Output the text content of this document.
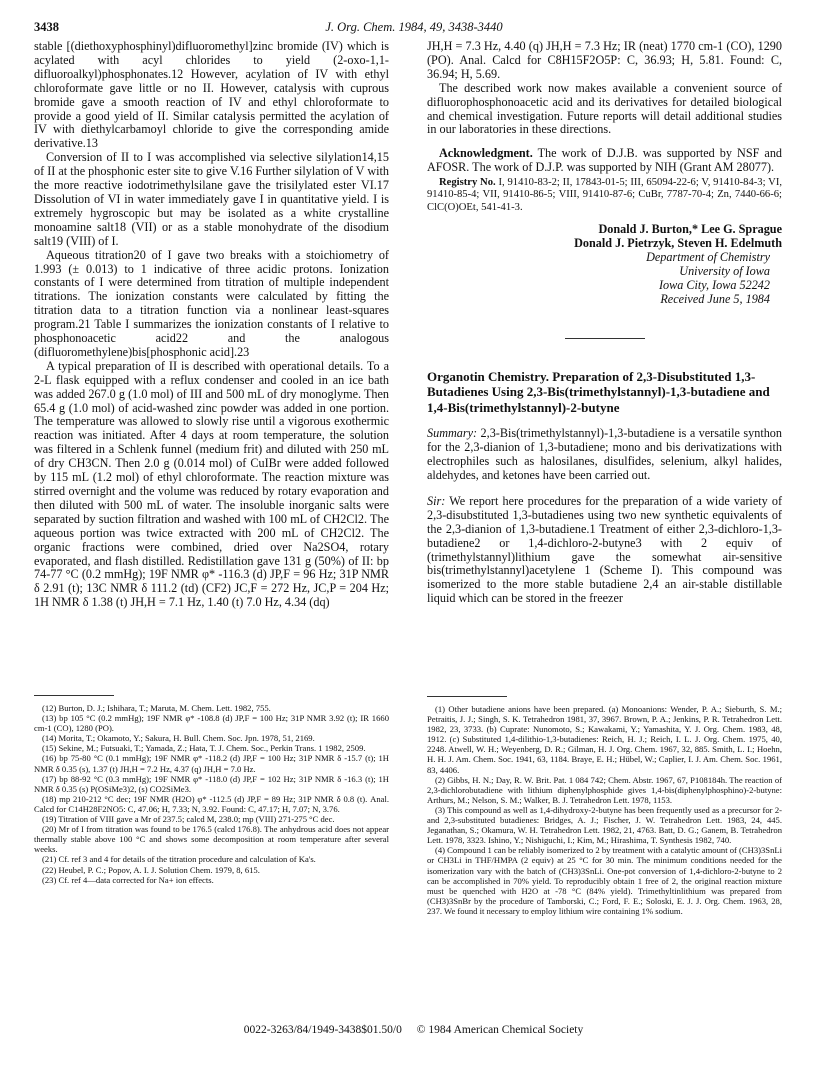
3438	J. Org. Chem. 1984, 49, 3438-3440

stable [(diethoxyphosphinyl)difluoromethyl]zinc bromide (IV) which is acylated with acyl chlorides to yield (2-oxo-1,1-difluoroalkyl)phosphonates.12 However, acylation of IV with ethyl chloroformate gave little or no II. However, catalysis with cuprous bromide gave a smooth reaction of IV and ethyl chloroformate to provide a good yield of II. Similar catalysis permitted the acylation of IV with diethylcarbamoyl chloride to give the corresponding amide derivative.13

Conversion of II to I was accomplished via selective silylation14,15 of II at the phosphonic ester site to give V.16 Further silylation of V with the more reactive iodotrimethylsilane gave the trisilylated ester VI.17 Dissolution of VI in water immediately gave I in quantitative yield. I is extremely hygroscopic but may be isolated as a white crystalline monoamine salt18 (VII) or as a stable monohydrate of the disodium salt19 (VIII) of I.

Aqueous titration20 of I gave two breaks with a stoichiometry of 1.993 (± 0.013) to 1 indicative of three acidic protons. Ionization constants of I were determined from titration of multiple independent titrations. The ionization constants were calculated by fitting the titration data to a titration function via a nonlinear least-squares program.21 Table I summarizes the ionization constants of I relative to phosphonoacetic acid22 and the analogous (difluoromethylene)bis[phosphonic acid].23

A typical preparation of II is described with operational details. To a 2-L flask equipped with a reflux condenser and cooled in an ice bath was added 267.0 g (1.0 mol) of III and 500 mL of dry monoglyme. Then 65.4 g (1.0 mol) of acid-washed zinc powder was added in one portion. The temperature was allowed to slowly rise until a vigorous exothermic reaction was initiated. After 4 days at room temperature, the solution was filtered in a Schlenk funnel (medium frit) and diluted with 250 mL of dry CH3CN. Then 2.0 g (0.014 mol) of CuIBr were added followed by 115 mL (1.2 mol) of ethyl chloroformate. The reaction mixture was stirred overnight and the volume was reduced by rotary evaporation and then diluted with 500 mL of water. The insoluble inorganic salts were separated by suction filtration and washed with 100 mL of CH2Cl2. The aqueous portion was twice extracted with 200 mL of CH2Cl2. The organic fractions were combined, dried over Na2SO4, rotary evaporated, and flash distilled. Redistillation gave 131 g (50%) of II: bp 74-77 °C (0.2 mmHg); 19F NMR φ* -116.3 (d) JP,F = 96 Hz; 31P NMR δ 2.91 (t); 13C NMR δ 111.2 (td) (CF2) JC,F = 272 Hz, JC,P = 204 Hz; 1H NMR δ 1.38 (t) JH,H = 7.1 Hz, 1.40 (t) 7.0 Hz, 4.34 (dq)

(12) Burton, D. J.; Ishihara, T.; Maruta, M. Chem. Lett. 1982, 755.
(13) bp 105 °C (0.2 mmHg); 19F NMR φ* -108.8 (d) JP,F = 100 Hz; 31P NMR 3.92 (t); IR 1660 cm-1 (CO), 1280 (PO).
(14) Morita, T.; Okamoto, Y.; Sakura, H. Bull. Chem. Soc. Jpn. 1978, 51, 2169.
(15) Sekine, M.; Futsuaki, T.; Yamada, Z.; Hata, T. J. Chem. Soc., Perkin Trans. 1 1982, 2509.
(16) bp 75-80 °C (0.1 mmHg); 19F NMR φ* -118.2 (d) JP,F = 100 Hz; 31P NMR δ -15.7 (t); 1H NMR δ 0.35 (s), 1.37 (t) JH,H = 7.2 Hz, 4.37 (q) JH,H = 7.0 Hz.
(17) bp 88-92 °C (0.3 mmHg); 19F NMR φ* -118.0 (d) JP,F = 102 Hz; 31P NMR δ -16.3 (t); 1H NMR δ 0.35 (s) P(OSiMe3)2, (s) CO2SiMe3.
(18) mp 210-212 °C dec; 19F NMR (H2O) φ* -112.5 (d) JP,F = 89 Hz; 31P NMR δ 0.8 (t). Anal. Calcd for C14H28F2NO5: C, 47.06; H, 7.33; N, 3.92. Found: C, 47.17; H, 7.07; N, 3.76.
(19) Titration of VIII gave a Mr of 237.5; calcd M, 238.0; mp (VIII) 271-275 °C dec.
(20) Mr of I from titration was found to be 176.5 (calcd 176.8). The anhydrous acid does not appear thermally stable above 100 °C and shows some decomposition at room temperature after several weeks.
(21) Cf. ref 3 and 4 for details of the titration procedure and calculation of Ka's.
(22) Heubel, P. C.; Popov, A. I. J. Solution Chem. 1979, 8, 615.
(23) Cf. ref 4—data corrected for Na+ ion effects.

JH,H = 7.3 Hz, 4.40 (q) JH,H = 7.3 Hz; IR (neat) 1770 cm-1 (CO), 1290 (PO). Anal. Calcd for C8H15F2O5P: C, 36.93; H, 5.81. Found: C, 36.94; H, 5.69.

The described work now makes available a convenient source of difluorophosphonoacetic acid and its derivatives for detailed biological and chemical investigation. Future reports will detail additional studies in our laboratories in these directions.

Acknowledgment. The work of D.J.B. was supported by NSF and AFOSR. The work of D.J.P. was supported by NIH (Grant AM 28077).
Registry No. I, 91410-83-2; II, 17843-01-5; III, 65094-22-6; V, 91410-84-3; VI, 91410-85-4; VII, 91410-86-5; VIII, 91410-87-6; CuBr, 7787-70-4; Zn, 7440-66-6; ClC(O)OEt, 541-41-3.
Donald J. Burton,* Lee G. Sprague
Donald J. Pietrzyk, Steven H. Edelmuth
Department of Chemistry
University of Iowa
Iowa City, Iowa 52242
Received June 5, 1984
Organotin Chemistry. Preparation of 2,3-Disubstituted 1,3-Butadienes Using 2,3-Bis(trimethylstannyl)-1,3-butadiene and 1,4-Bis(trimethylstannyl)-2-butyne
Summary: 2,3-Bis(trimethylstannyl)-1,3-butadiene is a versatile synthon for the 2,3-dianion of 1,3-butadiene; mono and bis derivatizations with electrophiles such as halosilanes, disulfides, selenium, alkyl halides, aldehydes, and ketones have been carried out.
Sir: We report here procedures for the preparation of a wide variety of 2,3-disubstituted 1,3-butadienes using two new synthetic equivalents of the 2,3-dianion of 1,3-butadiene.1 Treatment of either 2,3-dichloro-1,3-butadiene2 or 1,4-dichloro-2-butyne3 with 2 equiv of (trimethylstannyl)lithium gave the somewhat air-sensitive bis(trimethylstannyl)acetylene 1 (Scheme I). This compound was isomerized to the more stable butadiene 2,4 an air-stable distillable liquid which can be stored in the freezer
(1) Other butadiene anions have been prepared. (a) Monoanions: Wender, P. A.; Sieburth, S. M.; Petraitis, J. J.; Singh, S. K. Tetrahedron 1981, 37, 3967. Brown, P. A.; Jenkins, P. R. Tetrahedron Lett. 1982, 23, 3733. (b) Cuprate: Nunomoto, S.; Kawakami, Y.; Yamashita, Y. J. Org. Chem. 1983, 48, 1912. (c) Substituted 1,4-dilithio-1,3-butadienes: Reich, H. J.; Reich, I. L. J. Org. Chem. 1975, 40, 2248. Atwell, W. H.; Weyenberg, D. R.; Gilman, H. J. Org. Chem. 1967, 32, 885. Smith, L. I.; Hoehn, H. H. J. Am. Chem. Soc. 1941, 63, 1184. Braye, E. H.; Hübel, W.; Caplier, I. J. Am. Chem. Soc. 1961, 83, 4406.
(2) Gibbs, H. N.; Day, R. W. Brit. Pat. 1 084 742; Chem. Abstr. 1967, 67, P108184h. The reaction of 2,3-dichlorobutadiene with lithium diphenylphosphide gives 1,4-bis(diphenylphosphino)-2-butyne: Arthurs, M.; Nelson, S. M.; Walker, B. J. Tetrahedron Lett. 1978, 1153.
(3) This compound as well as 1,4-dihydroxy-2-butyne has been frequently used as a precursor for 2- and 2,3-substituted butadienes: Bridges, A. J.; Fischer, J. W. Tetrahedron Lett. 1983, 24, 445. Jeganathan, S.; Okamura, W. H. Tetrahedron Lett. 1982, 21, 4763. Batt, D. G.; Ganem, B. Tetrahedron Lett. 1978, 3323. Ishino, Y.; Nishiguchi, I.; Kim, M.; Hirashima, T. Synthesis 1982, 740.
(4) Compound 1 can be reliably isomerized to 2 by treatment with a catalytic amount of (CH3)3SnLi or CH3Li in THF/HMPA (2 equiv) at 25 °C for 30 min. The minimum conditions needed for the isomerization vary with the batch of (CH3)3SnLi. One-pot conversion of 1,4-dichloro-2-butyne to 2 can be accomplished in 70% yield. To reproducibly obtain 1 free of 2, the original reaction mixture must be quenched with H2O at -78 °C (84% yield). Trimethyltinlithium was prepared from (CH3)3SnBr by the procedure of Tamborski, C.; Ford, F. E.; Soloski, E. J. J. Org. Chem. 1963, 28, 237. We found it necessary to employ lithium wire containing 1% sodium.
0022-3263/84/1949-3438$01.50/0 © 1984 American Chemical Society
